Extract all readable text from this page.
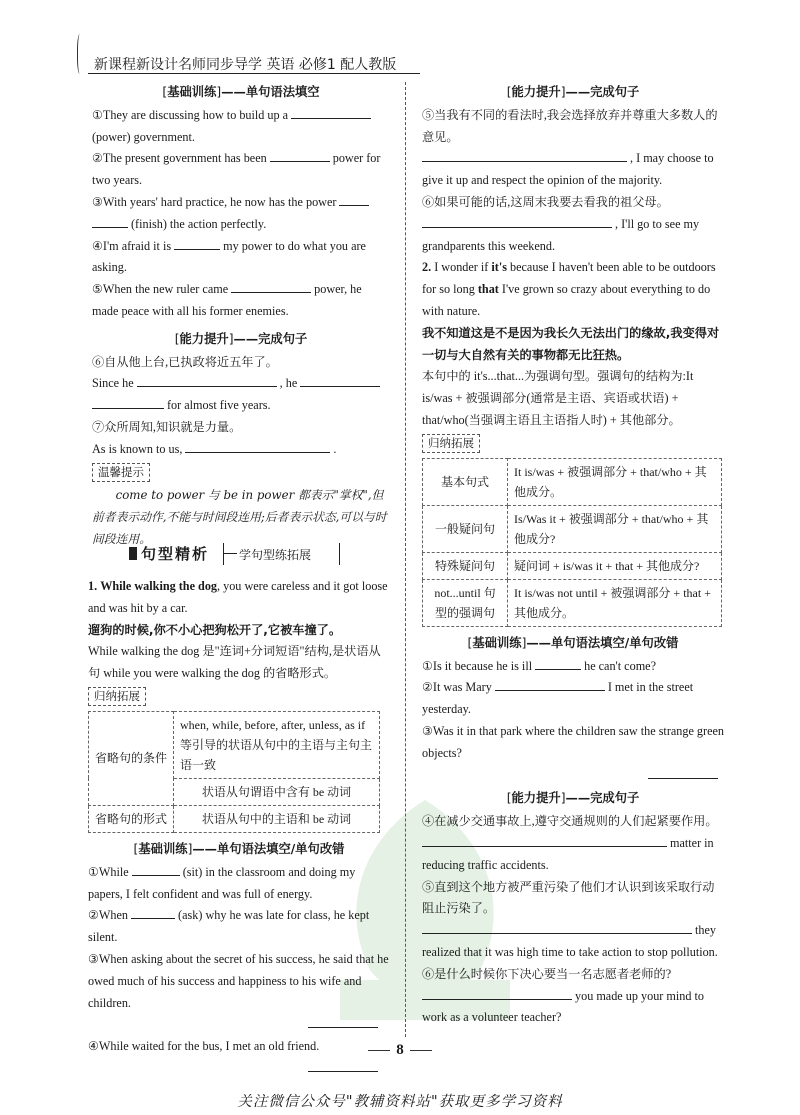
新课程新设计名师同步导学 英语 必修1 配人教版
[基础训练]——单句语法填空

①They are discussing how to build up a
(power) government.

②The present government has been	power for two years.

③With years' hard practice, he now has the power
(finish) the action perfectly.

④I'm afraid it is	my power to do what you are asking.

⑤When the new ruler came	power, he made peace with all his former enemies.

[能力提升]——完成句子

⑥自从他上台,已执政将近五年了。

Since he	, he
for almost five years.

⑦众所周知,知识就是力量。

As is known to us,	.

温馨提示

come to power 与 be in power 都表示"掌权",但前者表示动作,不能与时间段连用;后者表示状态,可以与时间段连用。

句型精析 学句型练拓展

1. While walking the dog, you were careless and it got loose and was hit by a car.

遛狗的时候,你不小心把狗松开了,它被车撞了。

While walking the dog 是"连词+分词短语"结构,是状语从句 while you were walking the dog 的省略形式。

归纳拓展
省略句的条件	when, while, before, after, unless, as if 等引导的状语从句中的主语与主句主语一致
	状语从句谓语中含有 be 动词
省略句的形式	状语从句中的主语和 be 动词
[基础训练]——单句语法填空/单句改错

①While	(sit) in the classroom and doing my papers, I felt confident and was full of energy.

②When	(ask) why he was late for class, he kept silent.

③When asking about the secret of his success, he said that he owed much of his success and happiness to his wife and children.

④While waited for the bus, I met an old friend.

[能力提升]——完成句子

⑤当我有不同的看法时,我会选择放弃并尊重大多数人的意见。

, I may choose to
give it up and respect the opinion of the majority.

⑥如果可能的话,这周末我要去看我的祖父母。

, I'll go to see my
grandparents this weekend.

2. I wonder if it's because I haven't been able to be outdoors for so long that I've grown so crazy about everything to do with nature.

我不知道这是不是因为我长久无法出门的缘故,我变得对一切与大自然有关的事物都无比狂热。

本句中的 it's...that...为强调句型。强调句的结构为:It is/was + 被强调部分(通常是主语、宾语或状语) + that/who(当强调主语且主语指人时) + 其他部分。

归纳拓展
基本句式	It is/was + 被强调部分 + that/who + 其他成分。
一般疑问句	Is/Was it + 被强调部分 + that/who + 其他成分?
特殊疑问句	疑问词 + is/was it + that + 其他成分?
not...until 句型的强调句	It is/was not until + 被强调部分 + that + 其他成分。
[基础训练]——单句语法填空/单句改错

①Is it because he is ill	he can't come?

②It was Mary	I met in the street yesterday.

③Was it in that park where the children saw the strange green objects?

[能力提升]——完成句子

④在减少交通事故上,遵守交通规则的人们起紧要作用。

matter in
reducing traffic accidents.

⑤直到这个地方被严重污染了他们才认识到该采取行动阻止污染了。

they
realized that it was high time to take action to stop pollution.

⑥是什么时候你下决心要当一名志愿者老师的?

you made up your mind to
work as a volunteer teacher?

8
关注微信公众号"教辅资料站"获取更多学习资料
